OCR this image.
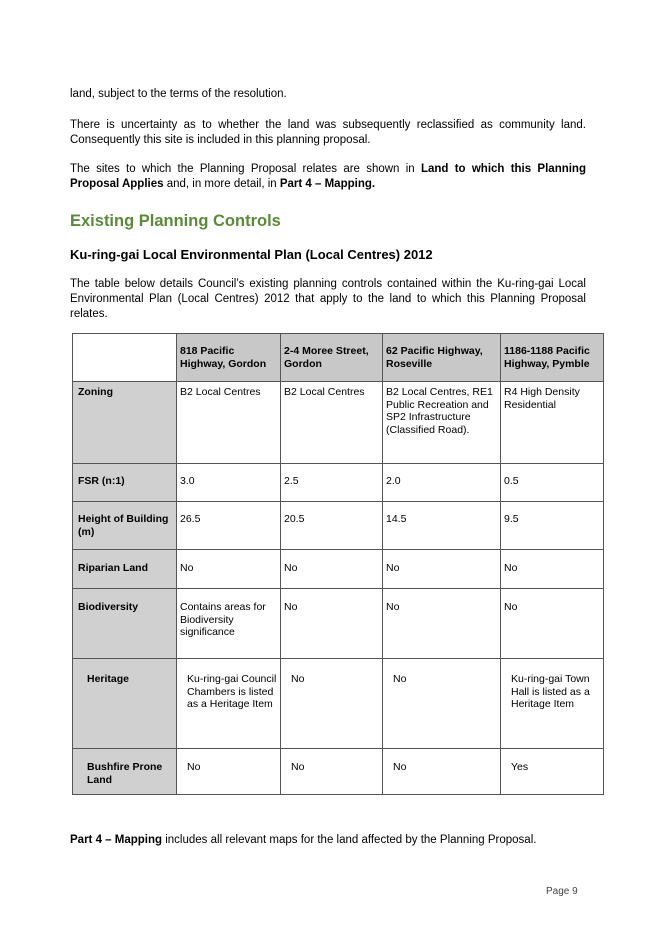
land, subject to the terms of the resolution.

There is uncertainty as to whether the land was subsequently reclassified as community land. Consequently this site is included in this planning proposal.

The sites to which the Planning Proposal relates are shown in Land to which this Planning Proposal Applies and, in more detail, in Part 4 – Mapping.

Existing Planning Controls
Ku-ring-gai Local Environmental Plan (Local Centres) 2012

The table below details Council’s existing planning controls contained within the Ku-ring-gai Local Environmental Plan (Local Centres) 2012 that apply to the land to which this Planning Proposal relates.

	818 Pacific Highway, Gordon	2-4 Moree Street, Gordon	62 Pacific Highway, Roseville	1186-1188 Pacific Highway, Pymble
Zoning	B2 Local Centres	B2 Local Centres	B2 Local Centres, RE1 Public Recreation and SP2 Infrastructure (Classified Road).	R4 High Density Residential
FSR (n:1)	3.0	2.5	2.0	0.5
Height of Building (m)	26.5	20.5	14.5	9.5
Riparian Land	No	No	No	No
Biodiversity	Contains areas for Biodiversity significance	No	No	No
Heritage	Ku-ring-gai Council Chambers is listed as a Heritage Item	No	No	Ku-ring-gai Town Hall is listed as a Heritage Item
Bushfire Prone Land	No	No	No	Yes

Part 4 – Mapping includes all relevant maps for the land affected by the Planning Proposal.

Page 9
